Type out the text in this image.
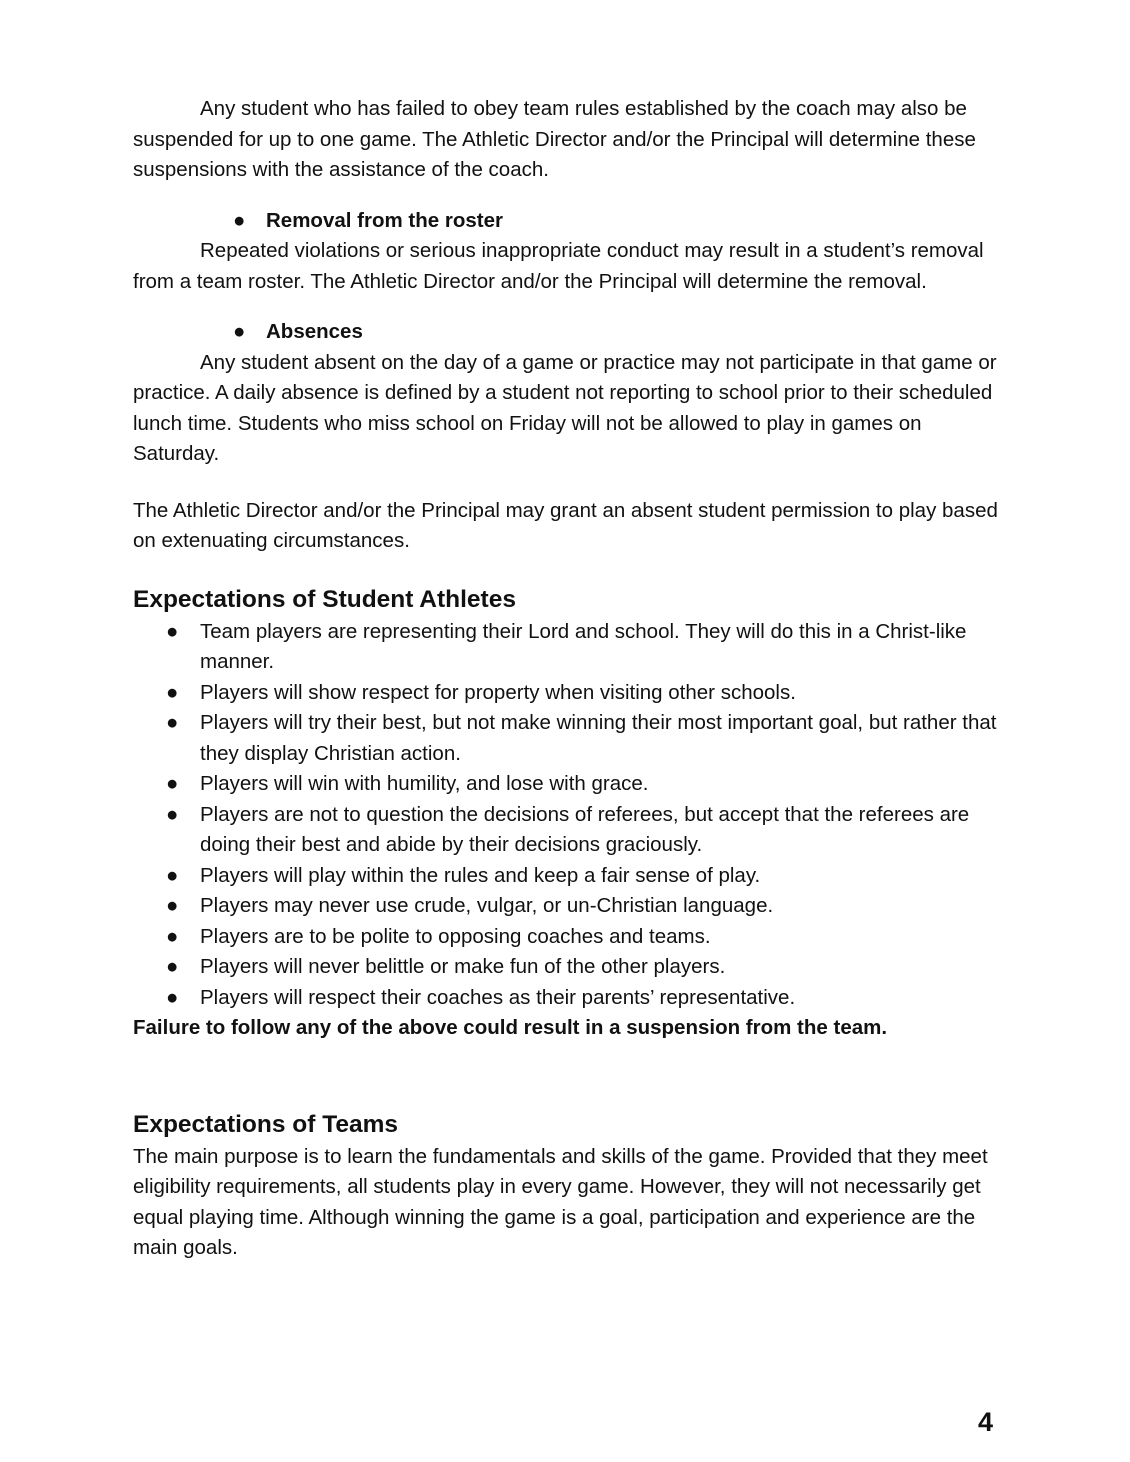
Any student who has failed to obey team rules established by the coach may also be suspended for up to one game. The Athletic Director and/or the Principal will determine these suspensions with the assistance of the coach.

● Removal from the roster

Repeated violations or serious inappropriate conduct may result in a student’s removal from a team roster. The Athletic Director and/or the Principal will determine the removal.

● Absences

Any student absent on the day of a game or practice may not participate in that game or practice. A daily absence is defined by a student not reporting to school prior to their scheduled lunch time. Students who miss school on Friday will not be allowed to play in games on Saturday.

The Athletic Director and/or the Principal may grant an absent student permission to play based on extenuating circumstances.

Expectations of Student Athletes
● Team players are representing their Lord and school. They will do this in a Christ-like manner.
● Players will show respect for property when visiting other schools.
● Players will try their best, but not make winning their most important goal, but rather that they display Christian action.
● Players will win with humility, and lose with grace.
● Players are not to question the decisions of referees, but accept that the referees are doing their best and abide by their decisions graciously.
● Players will play within the rules and keep a fair sense of play.
● Players may never use crude, vulgar, or un-Christian language.
● Players are to be polite to opposing coaches and teams.
● Players will never belittle or make fun of the other players.
● Players will respect their coaches as their parents’ representative.

Failure to follow any of the above could result in a suspension from the team.

Expectations of Teams

The main purpose is to learn the fundamentals and skills of the game. Provided that they meet eligibility requirements, all students play in every game. However, they will not necessarily get equal playing time. Although winning the game is a goal, participation and experience are the main goals.

4
